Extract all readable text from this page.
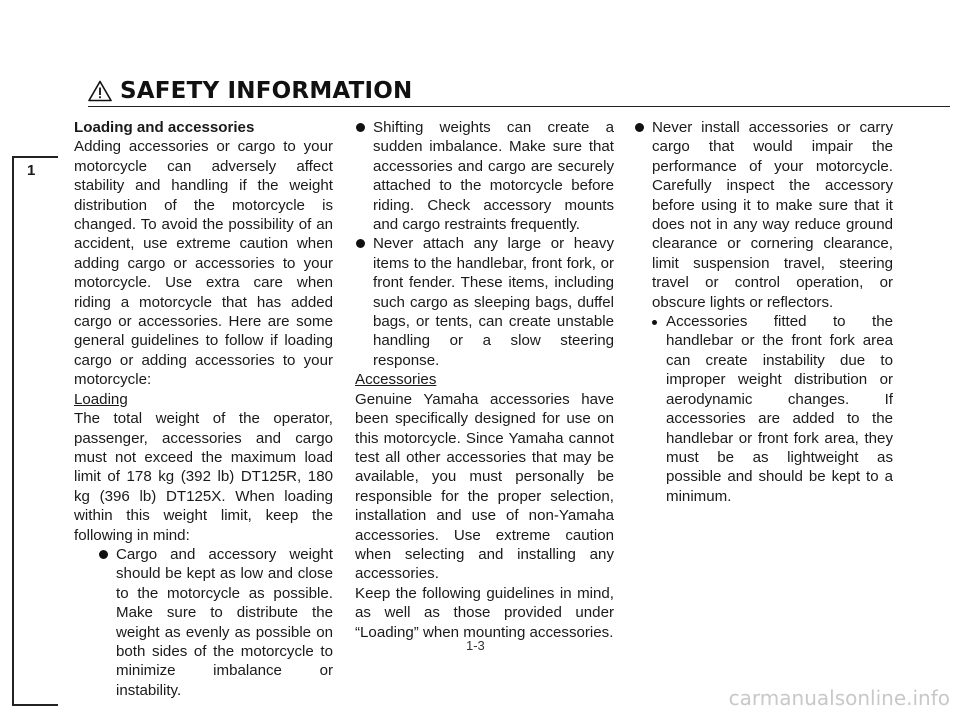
SAFETY INFORMATION
1

Loading and accessories

Adding accessories or cargo to your motorcycle can adversely affect stability and handling if the weight distribution of the motorcycle is changed. To avoid the possibility of an accident, use extreme caution when adding cargo or accessories to your motorcycle. Use extra care when riding a motorcycle that has added cargo or accessories. Here are some general guidelines to follow if loading cargo or adding accessories to your motorcycle:

Loading

The total weight of the operator, passenger, accessories and cargo must not exceed the maximum load limit of 178 kg (392 lb) DT125R, 180 kg (396 lb) DT125X. When loading within this weight limit, keep the following in mind:

Cargo and accessory weight should be kept as low and close to the motorcycle as possible. Make sure to distribute the weight as evenly as possible on both sides of the motorcycle to minimize imbalance or instability.
Shifting weights can create a sudden imbalance. Make sure that accessories and cargo are securely attached to the motorcycle before riding. Check accessory mounts and cargo restraints frequently.
Never attach any large or heavy items to the handlebar, front fork, or front fender. These items, including such cargo as sleeping bags, duffel bags, or tents, can create unstable handling or a slow steering response.

Accessories

Genuine Yamaha accessories have been specifically designed for use on this motorcycle. Since Yamaha cannot test all other accessories that may be available, you must personally be responsible for the proper selection, installation and use of non-Yamaha accessories. Use extreme caution when selecting and installing any accessories.

Keep the following guidelines in mind, as well as those provided under “Loading” when mounting accessories.

Never install accessories or carry cargo that would impair the performance of your motorcycle. Carefully inspect the accessory before using it to make sure that it does not in any way reduce ground clearance or cornering clearance, limit suspension travel, steering travel or control operation, or obscure lights or reflectors.
Accessories fitted to the handlebar or the front fork area can create instability due to improper weight distribution or aerodynamic changes. If accessories are added to the handlebar or front fork area, they must be as lightweight as possible and should be kept to a minimum.
1-3
carmanualsonline.info
